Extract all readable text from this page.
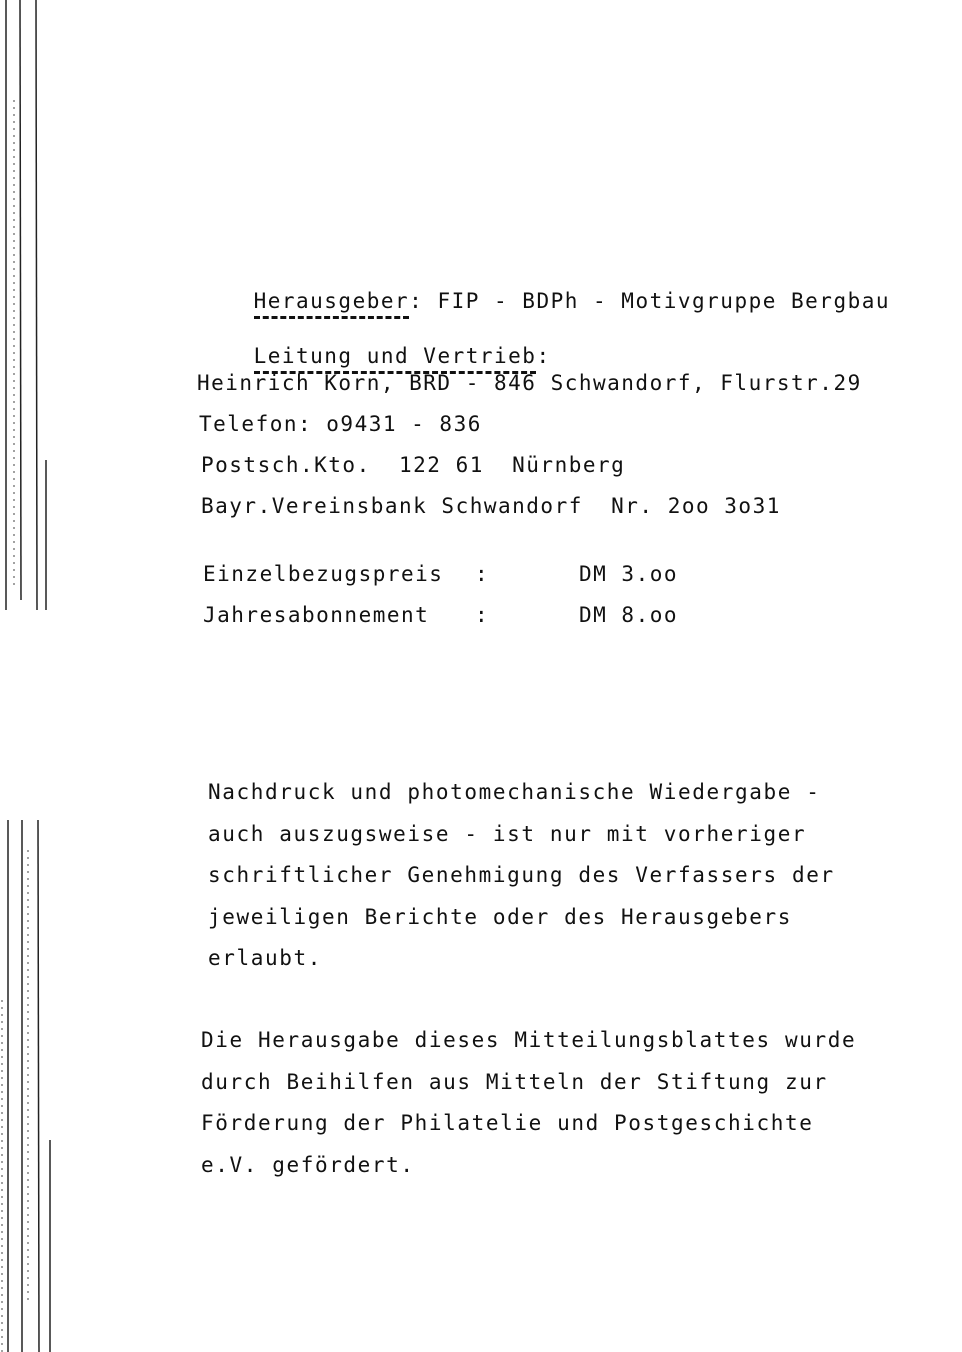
Herausgeber: FIP - BDPh - Motivgruppe Bergbau

Leitung und Vertrieb:

Heinrich Korn, BRD - 846 Schwandorf, Flurstr.29
Telefon: o9431 - 836
Postsch.Kto.  122 61  Nürnberg
Bayr.Vereinsbank Schwandorf  Nr. 2oo 3o31

Einzelbezugspreis

:

	DM 3.oo

Jahresabonnement

:

	DM 8.oo

Nachdruck und photomechanische Wiedergabe -
auch auszugsweise - ist nur mit vorheriger
schriftlicher Genehmigung des Verfassers der
jeweiligen Berichte oder des Herausgebers
erlaubt.
Die Herausgabe dieses Mitteilungsblattes wurde
durch Beihilfen aus Mitteln der Stiftung zur
Förderung der Philatelie und Postgeschichte
e.V. gefördert.
